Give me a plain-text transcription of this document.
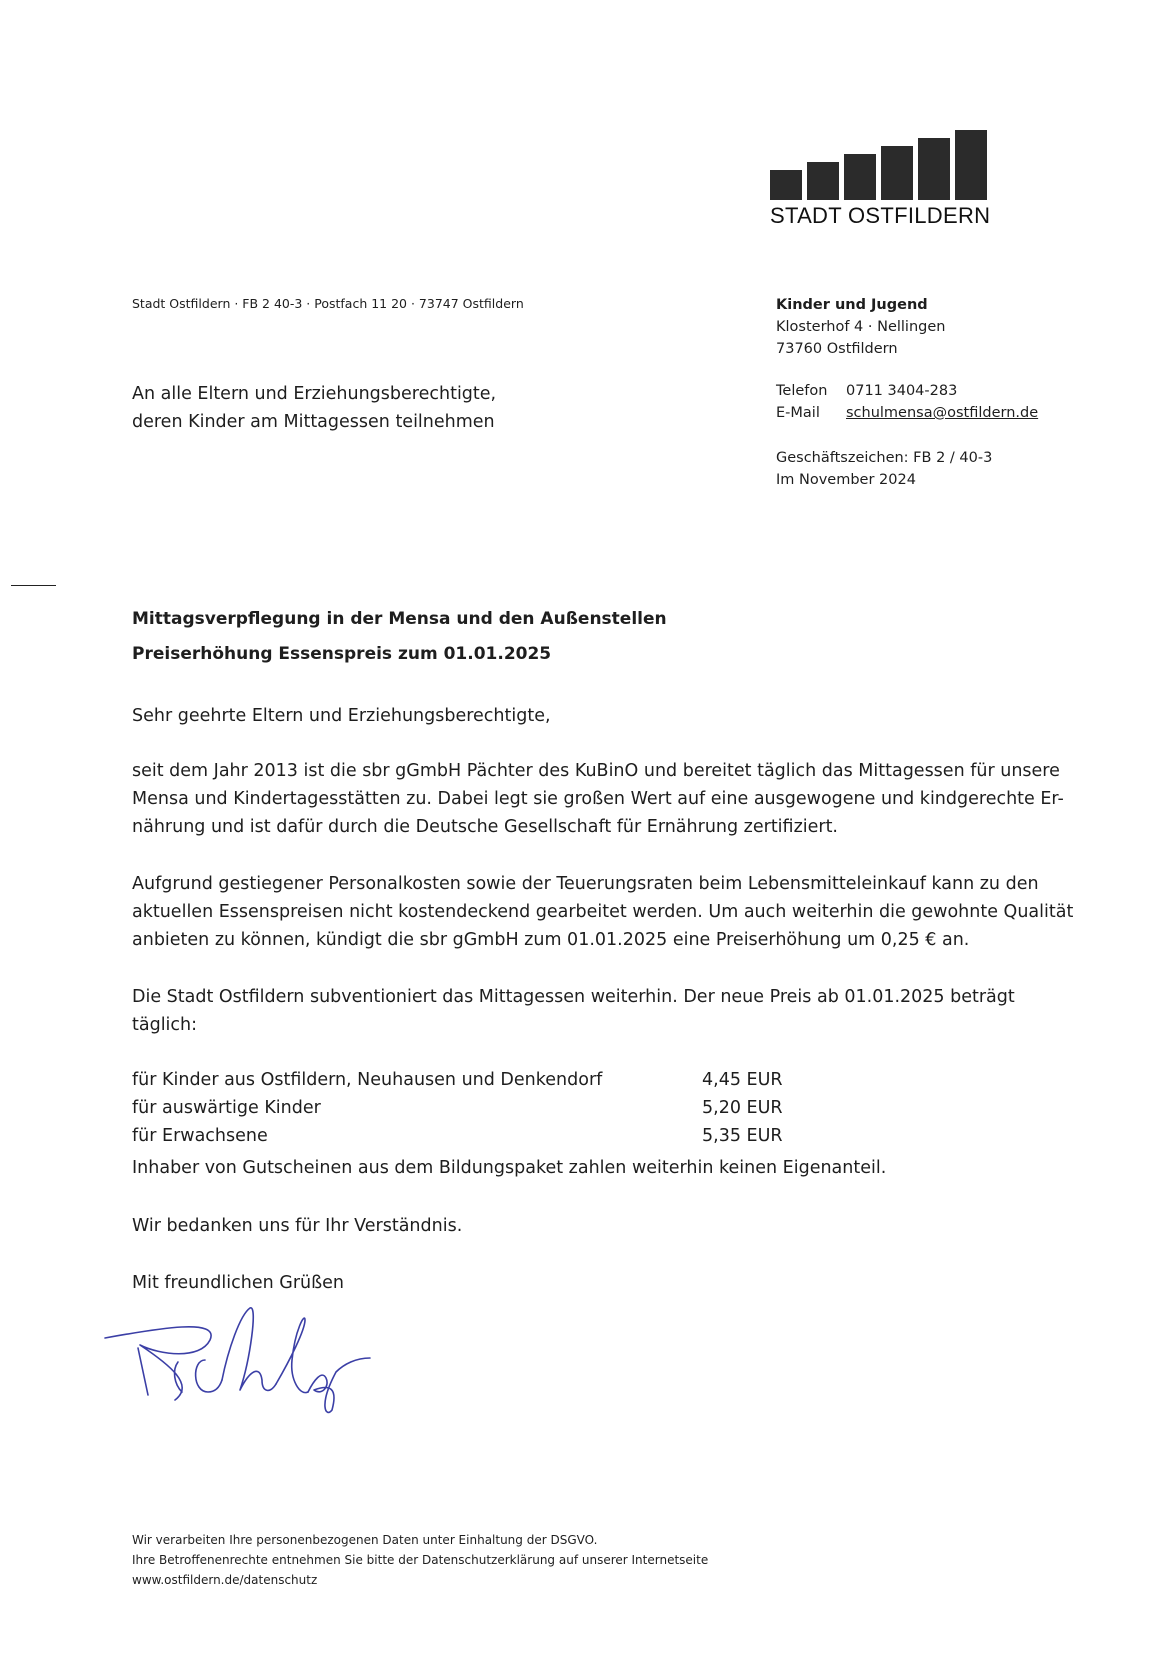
STADT OSTFILDERN
Stadt Ostfildern · FB 2 40-3 · Postfach 11 20 · 73747 Ostfildern	Kinder und Jugend
Klosterhof 4 · Nellingen
73760 Ostfildern
Telefon 0711 3404-283
E-Mail schulmensa@ostfildern.de
Geschäftszeichen: FB 2 / 40-3
Im November 2024
An alle Eltern und Erziehungsberechtigte,
deren Kinder am Mittagessen teilnehmen
Mittagsverpflegung in der Mensa und den Außenstellen
Preiserhöhung Essenspreis zum 01.01.2025
Sehr geehrte Eltern und Erziehungsberechtigte,
seit dem Jahr 2013 ist die sbr gGmbH Pächter des KuBinO und bereitet täglich das Mittagessen für unsere
Mensa und Kindertagesstätten zu. Dabei legt sie großen Wert auf eine ausgewogene und kindgerechte Er-
nährung und ist dafür durch die Deutsche Gesellschaft für Ernährung zertifiziert.
Aufgrund gestiegener Personalkosten sowie der Teuerungsraten beim Lebensmitteleinkauf kann zu den
aktuellen Essenspreisen nicht kostendeckend gearbeitet werden. Um auch weiterhin die gewohnte Qualität
anbieten zu können, kündigt die sbr gGmbH zum 01.01.2025 eine Preiserhöhung um 0,25 € an.
Die Stadt Ostfildern subventioniert das Mittagessen weiterhin. Der neue Preis ab 01.01.2025 beträgt
täglich:
für Kinder aus Ostfildern, Neuhausen und Denkendorf	4,45 EUR
für auswärtige Kinder	5,20 EUR
für Erwachsene	5,35 EUR
Inhaber von Gutscheinen aus dem Bildungspaket zahlen weiterhin keinen Eigenanteil.
Wir bedanken uns für Ihr Verständnis.
Mit freundlichen Grüßen
Wir verarbeiten Ihre personenbezogenen Daten unter Einhaltung der DSGVO.
Ihre Betroffenenrechte entnehmen Sie bitte der Datenschutzerklärung auf unserer Internetseite
www.ostfildern.de/datenschutz
